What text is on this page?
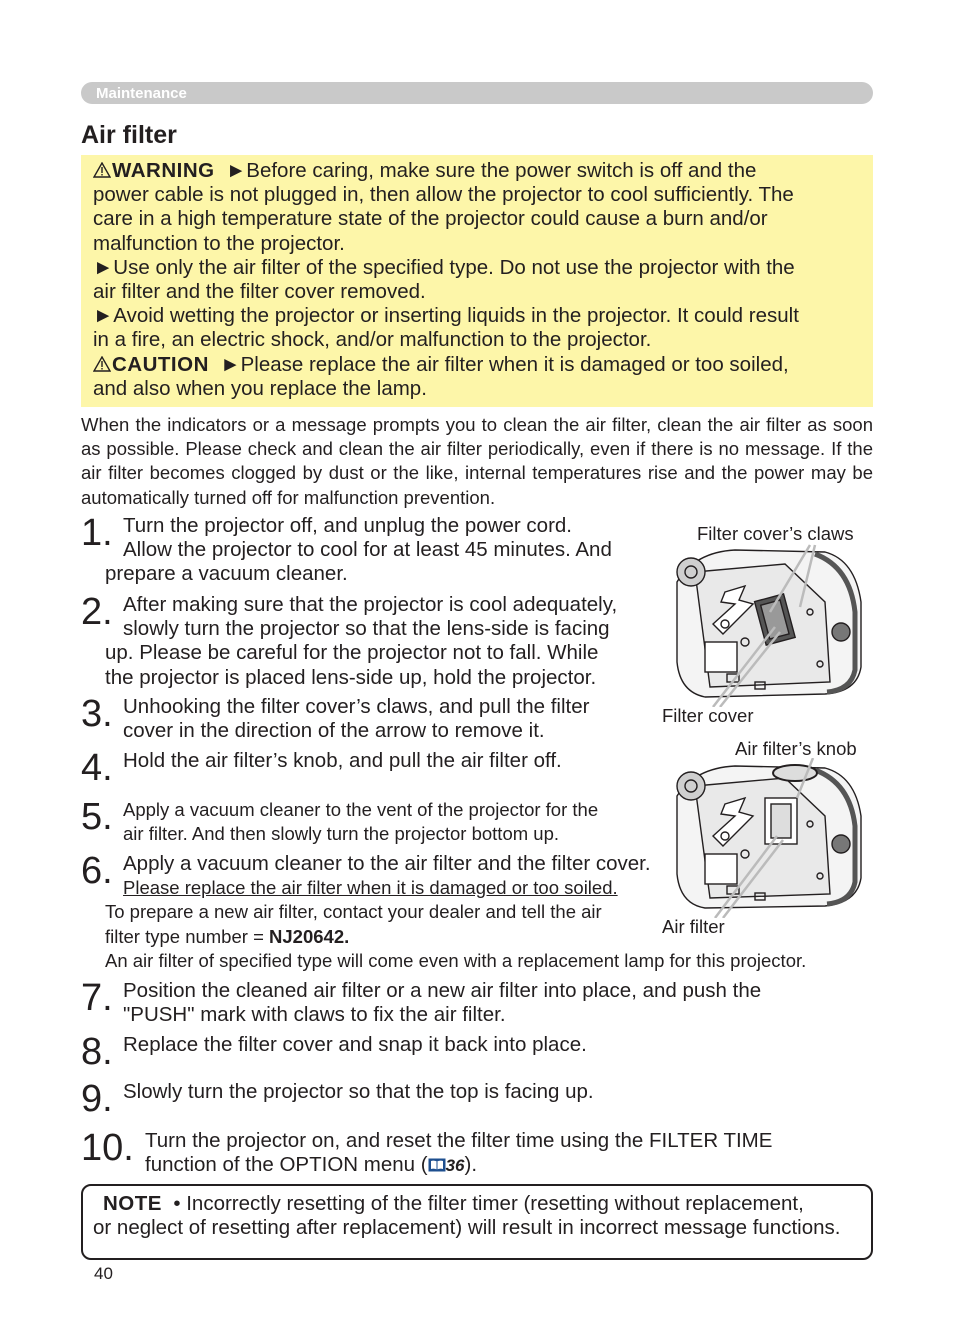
Maintenance
Air filter

WARNING ►Before caring, make sure the power switch is off and the

power cable is not plugged in, then allow the projector to cool sufficiently. The

care in a high temperature state of the projector could cause a burn and/or

malfunction to the projector.

►Use only the air filter of the specified type. Do not use the projector with the

air filter and the filter cover removed.

►Avoid wetting the projector or inserting liquids in the projector. It could result

in a fire, an electric shock, and/or malfunction to the projector.

CAUTION ►Please replace the air filter when it is damaged or too soiled,

and also when you replace the lamp.

When the indicators or a message prompts you to clean the air filter, clean the air filter as soon as possible. Please check and clean the air filter periodically, even if there is no message. If the air filter becomes clogged by dust or the like, internal temperatures rise and the power may be automatically turned off for malfunction prevention.

1. Turn the projector off, and unplug the power cord.
Allow the projector to cool for at least 45 minutes. And
prepare a vacuum cleaner.
2. After making sure that the projector is cool adequately,
slowly turn the projector so that the lens-side is facing
up. Please be careful for the projector not to fall. While
the projector is placed lens-side up, hold the projector.
3. Unhooking the filter cover’s claws, and pull the filter
cover in the direction of the arrow to remove it.
4. Hold the air filter’s knob, and pull the air filter off.
5. Apply a vacuum cleaner to the vent of the projector for the
air filter. And then slowly turn the projector bottom up.
6. Apply a vacuum cleaner to the air filter and the filter cover.
Please replace the air filter when it is damaged or too soiled.
To prepare a new air filter, contact your dealer and tell the air
filter type number = NJ20642.
An air filter of specified type will come even with a replacement lamp for this projector.
7. Position the cleaned air filter or a new air filter into place, and push the
"PUSH" mark with claws to fix the air filter.
8. Replace the filter cover and snap it back into place.
9. Slowly turn the projector so that the top is facing up.
10. Turn the projector on, and reset the filter time using the FILTER TIME
function of the OPTION menu ( 36).
Filter cover’s claws
Filter cover
Air filter’s knob
Air filter

NOTE • Incorrectly resetting of the filter timer (resetting without replacement,

or neglect of resetting after replacement) will result in incorrect message functions.

40
